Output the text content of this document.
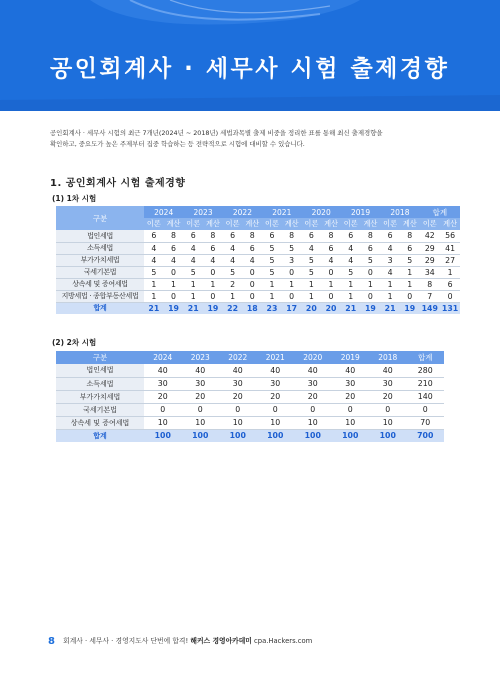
공인회계사 · 세무사 시험 출제경향

공인회계사 · 세무사 시험의 최근 7개년(2024년 ~ 2018년) 세법과목별 출제 비중을 정리한 표를 통해 최신 출제경향을

확인하고, 중요도가 높은 주제부터 집중 학습하는 등 전략적으로 시험에 대비할 수 있습니다.

1. 공인회계사 시험 출제경향
(1) 1차 시험
구분	2024		2023		2022		2021		2020		2019		2018		합계	
	이론	계산	이론	계산	이론	계산	이론	계산	이론	계산	이론	계산	이론	계산	이론	계산
법인세법	6	8	6	8	6	8	6	8	6	8	6	8	6	8	42	56
소득세법	4	6	4	6	4	6	5	5	4	6	4	6	4	6	29	41
부가가치세법	4	4	4	4	4	4	5	3	5	4	4	5	3	5	29	27
국세기본법	5	0	5	0	5	0	5	0	5	0	5	0	4	1	34	1
상속세 및 증여세법	1	1	1	1	2	0	1	1	1	1	1	1	1	1	8	6
지방세법 · 종합부동산세법	1	0	1	0	1	0	1	0	1	0	1	0	1	0	7	0
합계	21	19	21	19	22	18	23	17	20	20	21	19	21	19	149	131
(2) 2차 시험
구분	2024	2023	2022	2021	2020	2019	2018	합계
법인세법	40	40	40	40	40	40	40	280
소득세법	30	30	30	30	30	30	30	210
부가가치세법	20	20	20	20	20	20	20	140
국세기본법	0	0	0	0	0	0	0	0
상속세 및 증여세법	10	10	10	10	10	10	10	70
합계	100	100	100	100	100	100	100	700
8 회계사 · 세무사 · 경영지도사 단번에 합격! 해커스 경영아카데미 cpa.Hackers.com
